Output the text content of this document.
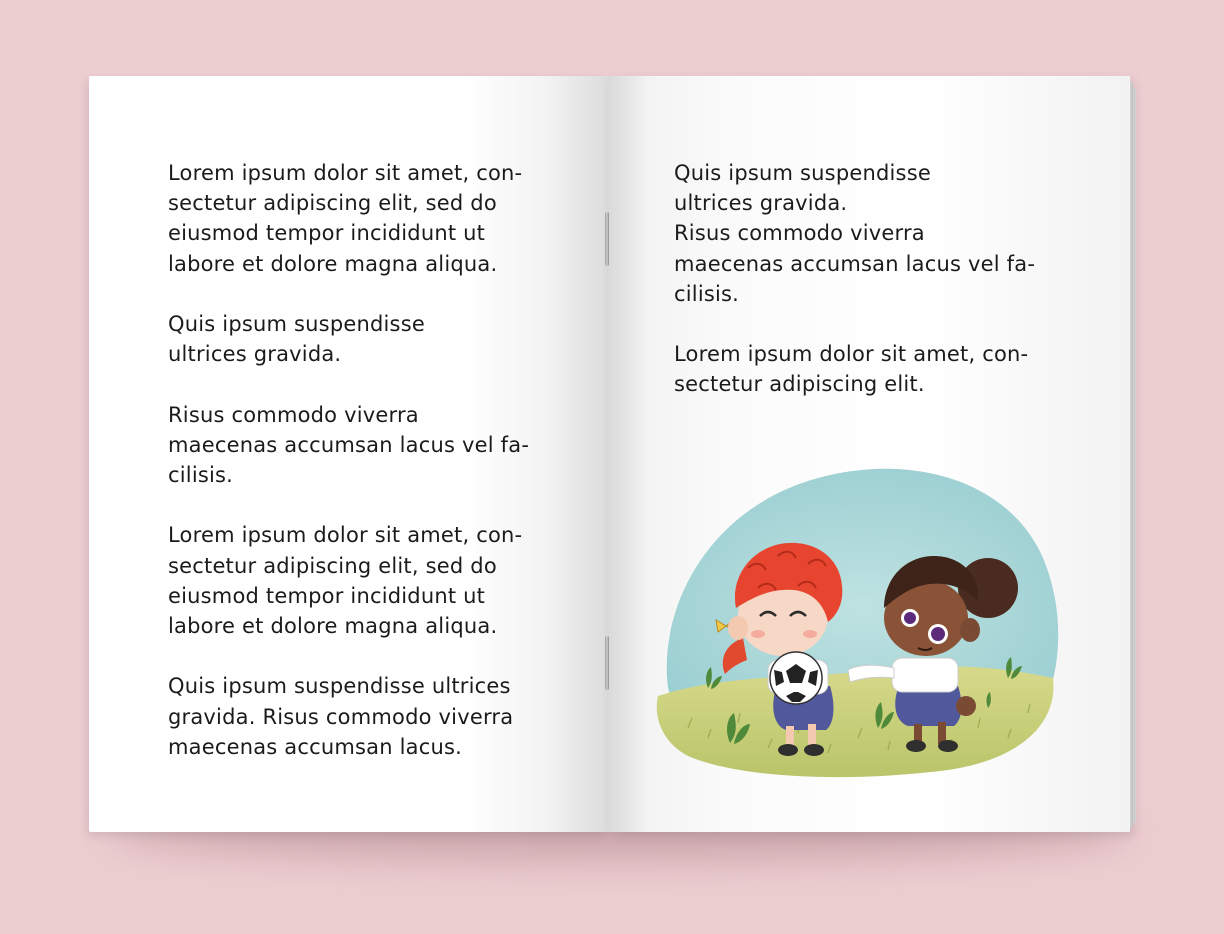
Lorem ipsum dolor sit amet, con-
sectetur adipiscing elit, sed do
eiusmod tempor incididunt ut
labore et dolore magna aliqua.

Quis ipsum suspendisse
ultrices gravida.

Risus commodo viverra
maecenas accumsan lacus vel fa-
cilisis.

Lorem ipsum dolor sit amet, con-
sectetur adipiscing elit, sed do
eiusmod tempor incididunt ut
labore et dolore magna aliqua.

Quis ipsum suspendisse ultrices
gravida. Risus commodo viverra
maecenas accumsan lacus.

Quis ipsum suspendisse
ultrices gravida.
Risus commodo viverra
maecenas accumsan lacus vel fa-
cilisis.

Lorem ipsum dolor sit amet, con-
sectetur adipiscing elit.
